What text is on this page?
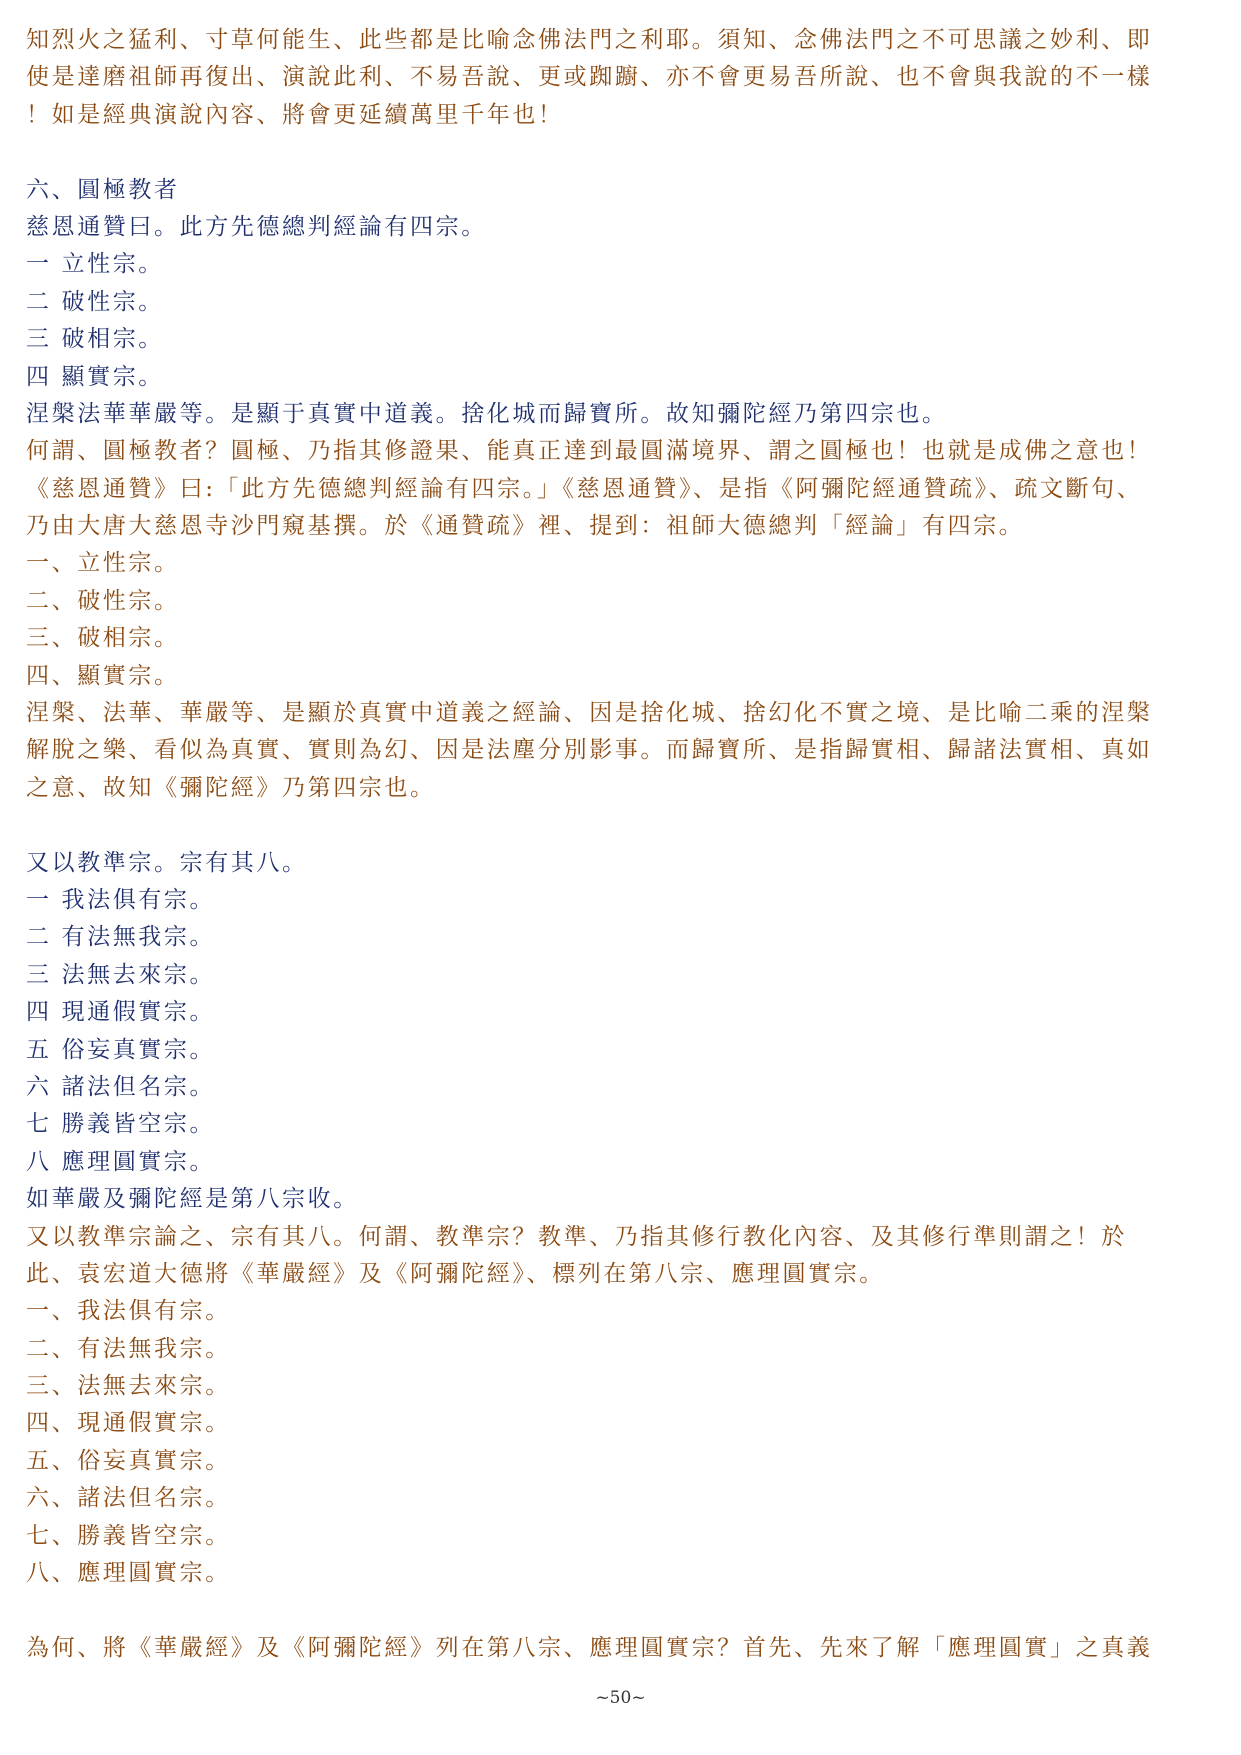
知烈火之猛利、寸草何能生、此些都是比喻念佛法門之利耶。須知、念佛法門之不可思議之妙利、即
使是達磨祖師再復出、演說此利、不易吾說、更或踟躕、亦不會更易吾所說、也不會與我說的不一樣
！如是經典演說內容、將會更延續萬里千年也！
六、圓極教者
慈恩通贊曰。此方先德總判經論有四宗。
一 立性宗。
二 破性宗。
三 破相宗。
四 顯實宗。
涅槃法華華嚴等。是顯于真實中道義。捨化城而歸寶所。故知彌陀經乃第四宗也。
何謂、圓極教者？圓極、乃指其修證果、能真正達到最圓滿境界、謂之圓極也！也就是成佛之意也！
《慈恩通贊》曰:「此方先德總判經論有四宗。」《慈恩通贊》、是指《阿彌陀經通贊疏》、疏文斷句、
乃由大唐大慈恩寺沙門窺基撰。於《通贊疏》裡、提到：祖師大德總判「經論」有四宗。
一、立性宗。
二、破性宗。
三、破相宗。
四、顯實宗。
涅槃、法華、華嚴等、是顯於真實中道義之經論、因是捨化城、捨幻化不實之境、是比喻二乘的涅槃
解脫之樂、看似為真實、實則為幻、因是法塵分別影事。而歸寶所、是指歸實相、歸諸法實相、真如
之意、故知《彌陀經》乃第四宗也。
又以教準宗。宗有其八。
一 我法俱有宗。
二 有法無我宗。
三 法無去來宗。
四 現通假實宗。
五 俗妄真實宗。
六 諸法但名宗。
七 勝義皆空宗。
八 應理圓實宗。
如華嚴及彌陀經是第八宗收。
又以教準宗論之、宗有其八。何謂、教準宗？教準、乃指其修行教化內容、及其修行準則謂之！於
此、袁宏道大德將《華嚴經》及《阿彌陀經》、標列在第八宗、應理圓實宗。
一、我法俱有宗。
二、有法無我宗。
三、法無去來宗。
四、現通假實宗。
五、俗妄真實宗。
六、諸法但名宗。
七、勝義皆空宗。
八、應理圓實宗。
為何、將《華嚴經》及《阿彌陀經》列在第八宗、應理圓實宗？首先、先來了解「應理圓實」之真義
~50~
